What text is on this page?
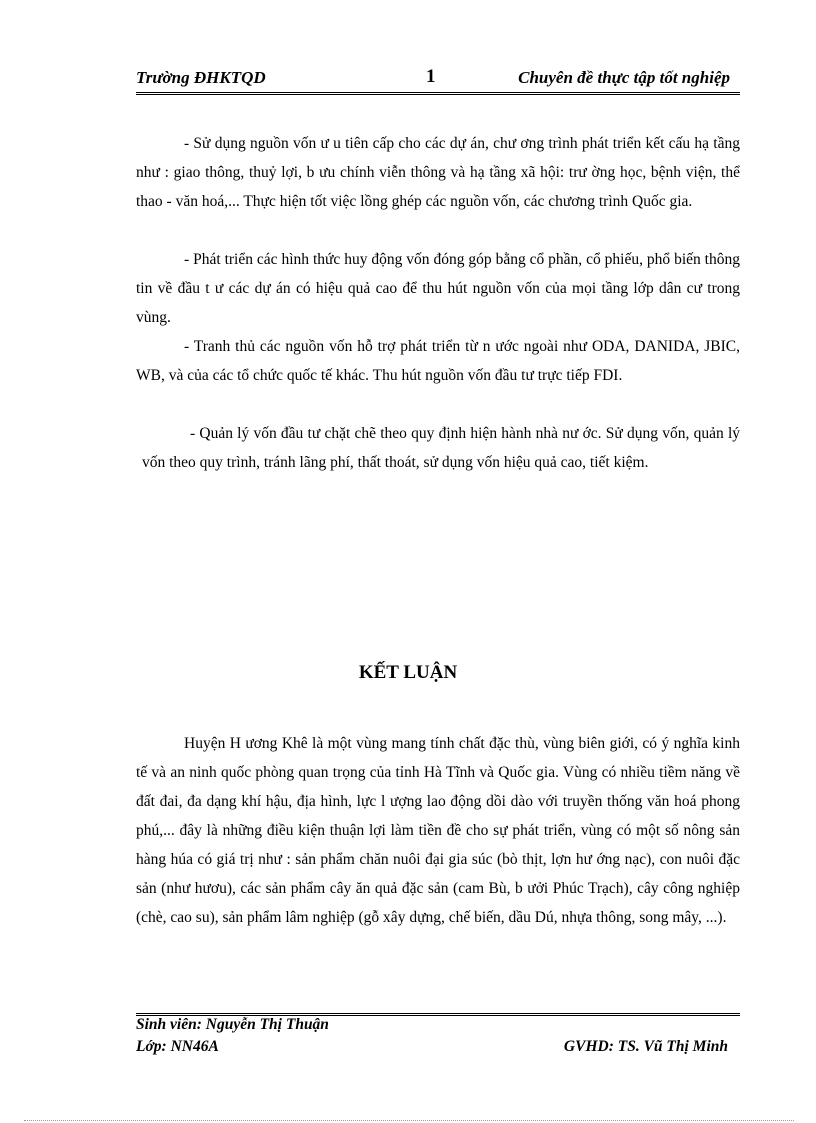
Trường ĐHKTQD	1	Chuyên đề thực tập tốt nghiệp

- Sử dụng nguồn vốn ư u tiên cấp cho các dự án, chư ơng trình phát triển kết cấu hạ tầng như : giao thông, thuỷ lợi, b ưu chính viễn thông và hạ tầng xã hội: trư ờng học, bệnh viện, thể thao - văn hoá,... Thực hiện tốt việc lồng ghép các nguồn vốn, các chương trình Quốc gia.

- Phát triển các hình thức huy động vốn đóng góp bằng cổ phần, cổ phiếu, phổ biến thông tin về đầu t ư các dự án có hiệu quả cao để thu hút nguồn vốn của mọi tầng lớp dân cư trong vùng.

- Tranh thủ các nguồn vốn hỗ trợ phát triển từ n ước ngoài như ODA, DANIDA, JBIC, WB, và của các tổ chức quốc tế khác. Thu hút nguồn vốn đầu tư trực tiếp FDI.

- Quản lý vốn đầu tư chặt chẽ theo quy định hiện hành nhà nư ớc. Sử dụng vốn, quản lý vốn theo quy trình, tránh lãng phí, thất thoát, sử dụng vốn hiệu quả cao, tiết kiệm.

KẾT LUẬN

Huyện H ương Khê là một vùng mang tính chất đặc thù, vùng biên giới, có ý nghĩa kinh tế và an ninh quốc phòng quan trọng của tỉnh Hà Tĩnh và Quốc gia. Vùng có nhiều tiềm năng về đất đai, đa dạng khí hậu, địa hình, lực l ượng lao động dồi dào với truyền thống văn hoá phong phú,... đây là những điều kiện thuận lợi làm tiền đề cho sự phát triển, vùng có một số nông sản hàng húa có giá trị như : sản phẩm chăn nuôi đại gia súc (bò thịt, lợn hư ớng nạc), con nuôi đặc sản (như hươu), các sản phẩm cây ăn quả đặc sản (cam Bù, b ưởi Phúc Trạch), cây công nghiệp (chè, cao su), sản phẩm lâm nghiệp (gỗ xây dựng, chế biến, dầu Dú, nhựa thông, song mây, ...).

Sinh viên: Nguyễn Thị Thuận
Lớp: NN46A	GVHD: TS. Vũ Thị Minh
